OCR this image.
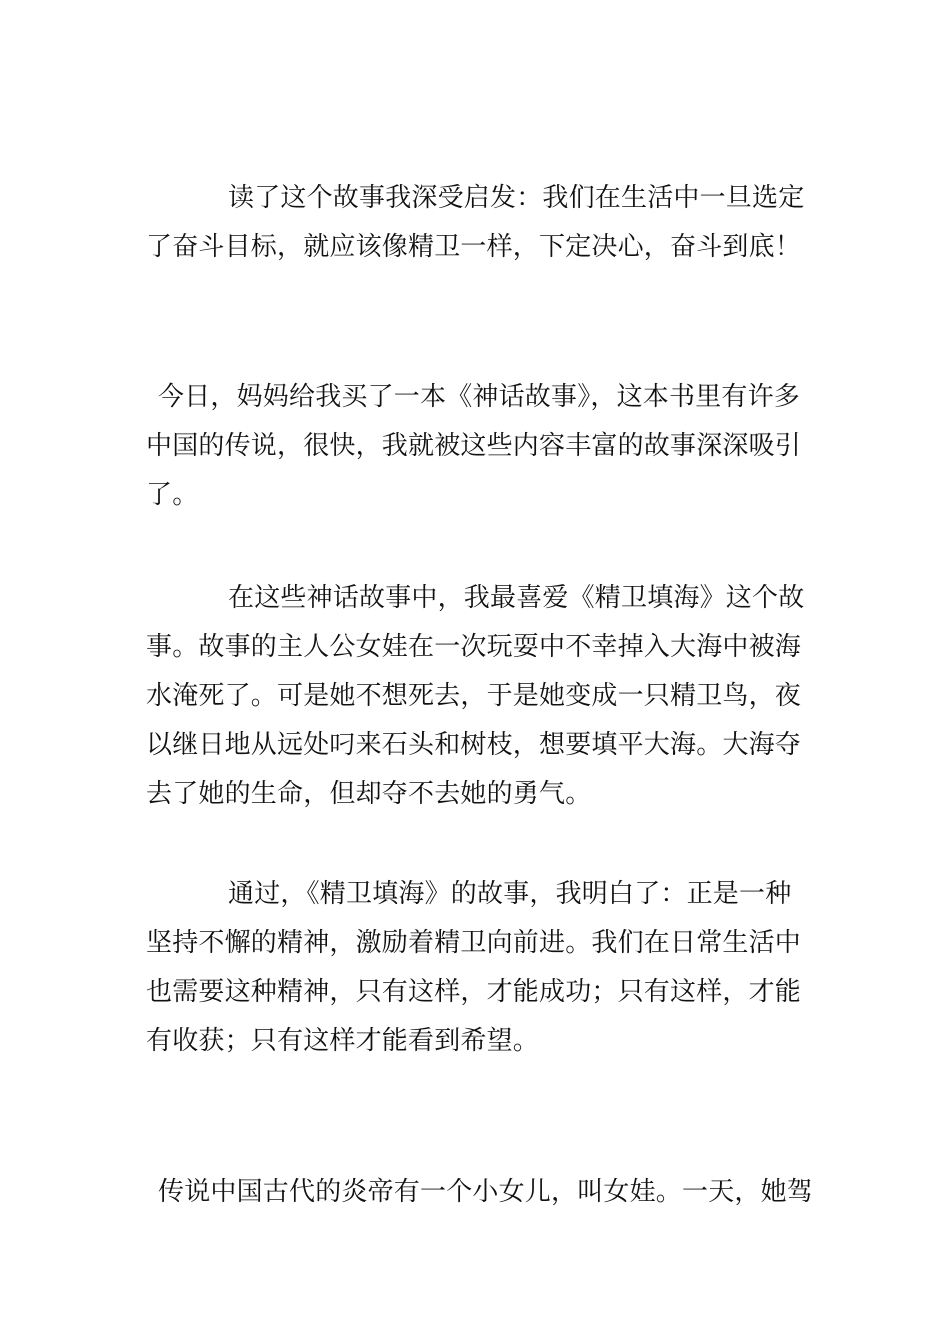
读了这个故事我深受启发：我们在生活中一旦选定
了奋斗目标，就应该像精卫一样，下定决心，奋斗到底！
今日，妈妈给我买了一本《神话故事》，这本书里有许多
中国的传说，很快，我就被这些内容丰富的故事深深吸引
了。
在这些神话故事中，我最喜爱《精卫填海》这个故
事。故事的主人公女娃在一次玩耍中不幸掉入大海中被海
水淹死了。可是她不想死去，于是她变成一只精卫鸟，夜
以继日地从远处叼来石头和树枝，想要填平大海。大海夺
去了她的生命，但却夺不去她的勇气。
通过，《精卫填海》的故事，我明白了：正是一种
坚持不懈的精神，激励着精卫向前进。我们在日常生活中
也需要这种精神，只有这样，才能成功；只有这样，才能
有收获；只有这样才能看到希望。
传说中国古代的炎帝有一个小女儿，叫女娃。一天，她驾
